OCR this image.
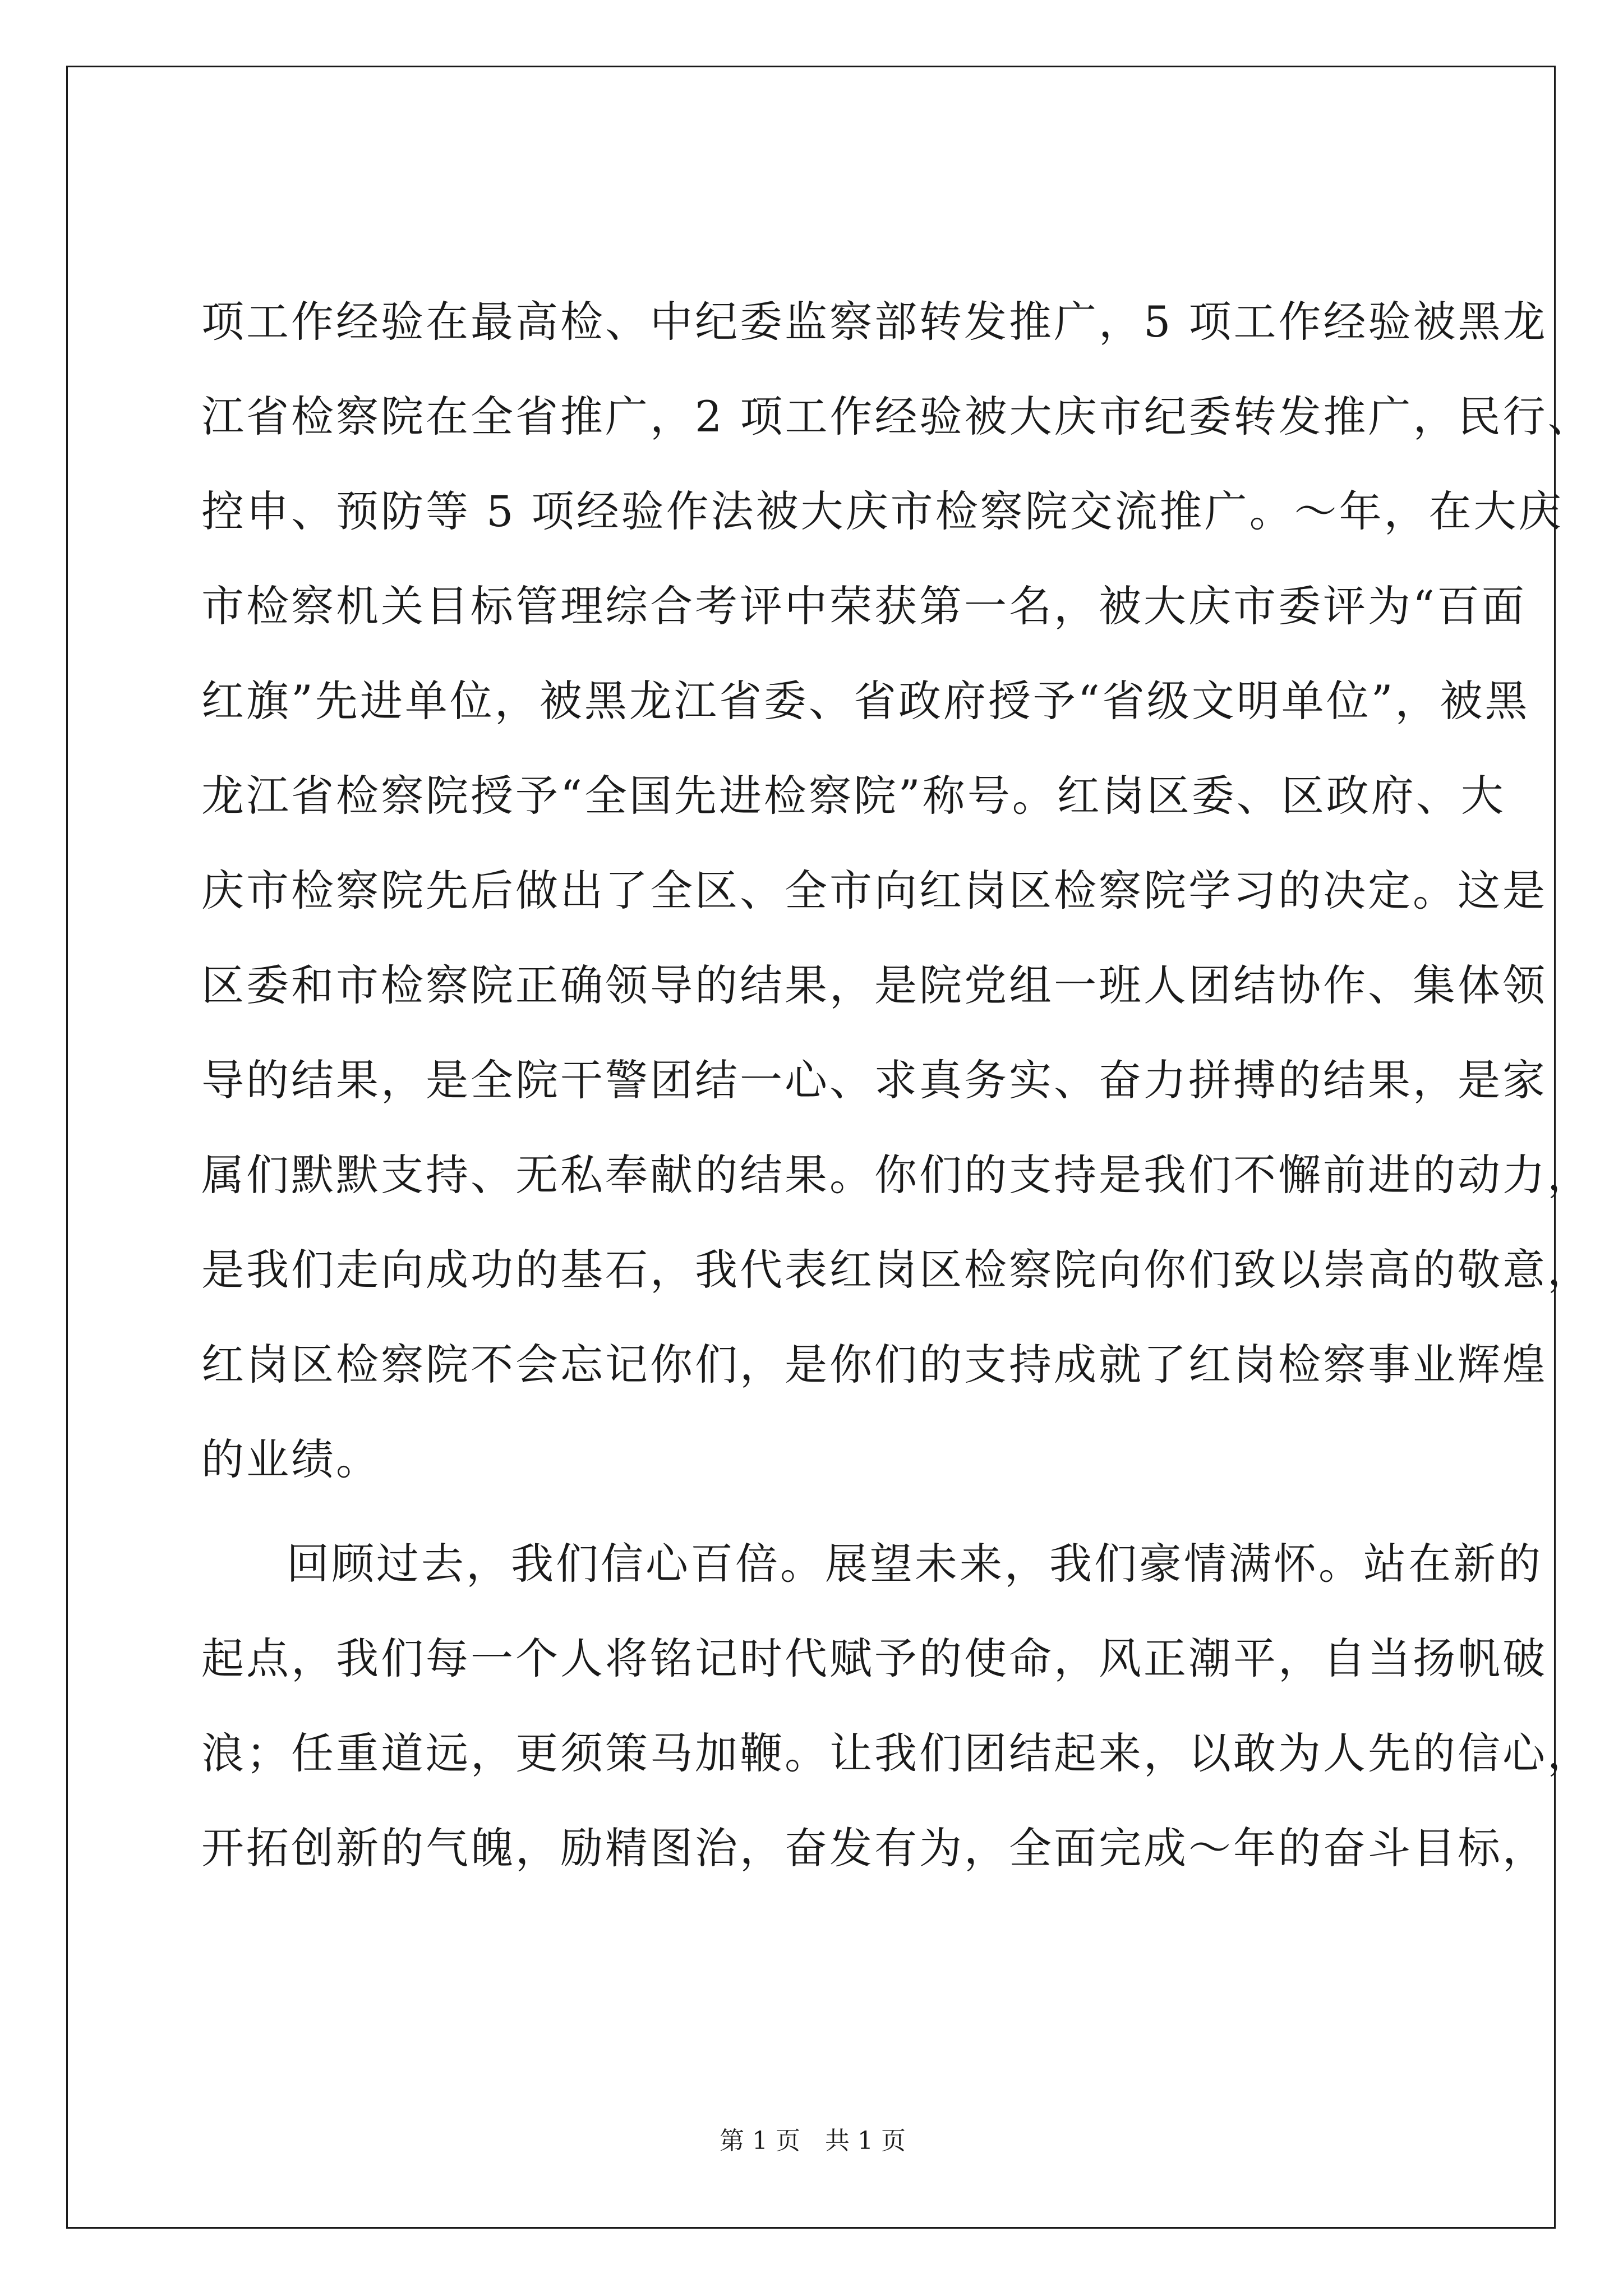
项工作经验在最高检、中纪委监察部转发推广，5 项工作经验被黑龙
江省检察院在全省推广，2 项工作经验被大庆市纪委转发推广，民行、
控申、预防等 5 项经验作法被大庆市检察院交流推广。～年，在大庆
市检察机关目标管理综合考评中荣获第一名，被大庆市委评为“百面
红旗”先进单位，被黑龙江省委、省政府授予“省级文明单位”，被黑
龙江省检察院授予“全国先进检察院”称号。红岗区委、区政府、大
庆市检察院先后做出了全区、全市向红岗区检察院学习的决定。这是
区委和市检察院正确领导的结果，是院党组一班人团结协作、集体领
导的结果，是全院干警团结一心、求真务实、奋力拼搏的结果，是家
属们默默支持、无私奉献的结果。你们的支持是我们不懈前进的动力，
是我们走向成功的基石，我代表红岗区检察院向你们致以崇高的敬意，
红岗区检察院不会忘记你们，是你们的支持成就了红岗检察事业辉煌
的业绩。
回顾过去，我们信心百倍。展望未来，我们豪情满怀。站在新的
起点，我们每一个人将铭记时代赋予的使命，风正潮平，自当扬帆破
浪；任重道远，更须策马加鞭。让我们团结起来，以敢为人先的信心，
开拓创新的气魄，励精图治，奋发有为，全面完成～年的奋斗目标，
第 1 页 共 1 页
